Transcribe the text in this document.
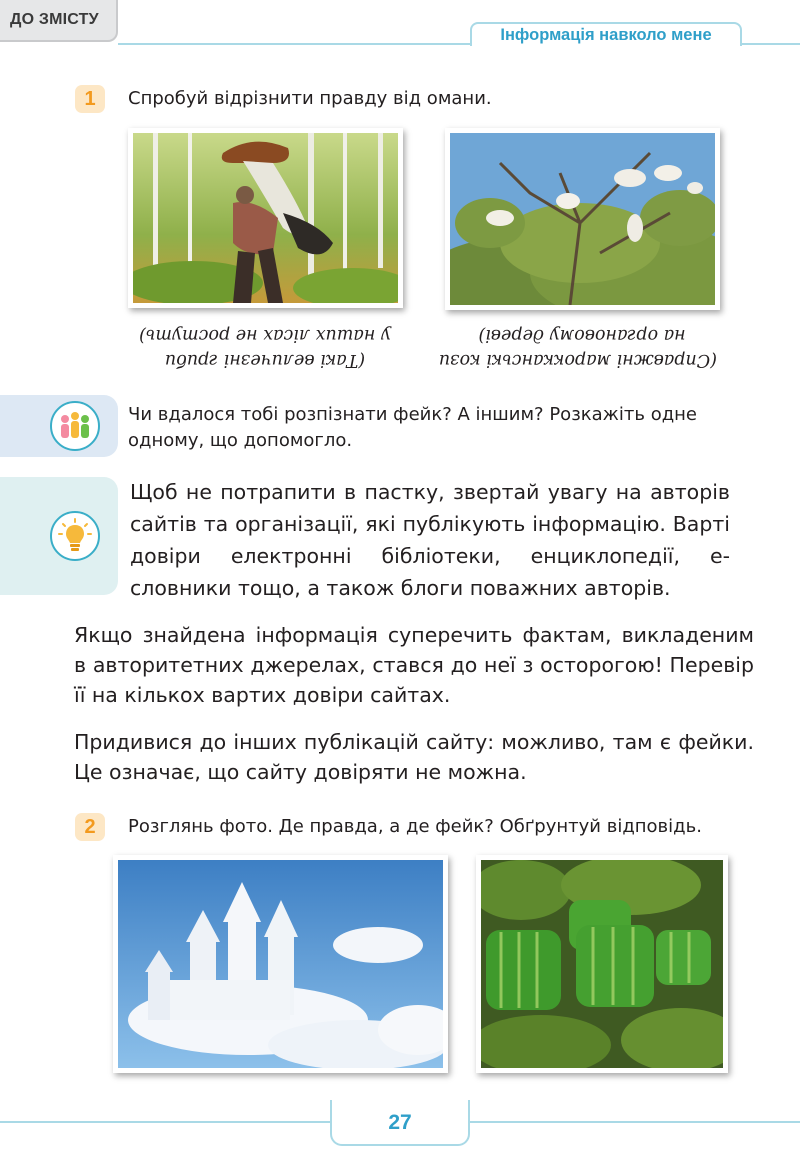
ДО ЗМІСТУ
Інформація навколо мене
1	Спробуй відрізнити правду від омани.
(Такі величезні гриби
у наших лісах не ростуть)
(Справжні марокканські кози
на органовому дереві)
Чи вдалося тобі розпізнати фейк? А іншим? Розкажіть одне одному, що допомогло.
Щоб не потрапити в пастку, звертай увагу на авторів сайтів та організації, які публікують інформацію. Варті довіри електронні бібліотеки, енциклопедії, е-словники тощо, а також блоги поважних авторів.
Якщо знайдена інформація суперечить фактам, викладеним в авторитетних джерелах, стався до неї з осторогою! Перевір її на кількох вартих довіри сайтах.
Придивися до інших публікацій сайту: можливо, там є фейки. Це означає, що сайту довіряти не можна.
2	Розглянь фото. Де правда, а де фейк? Обґрунтуй відповідь.
27
